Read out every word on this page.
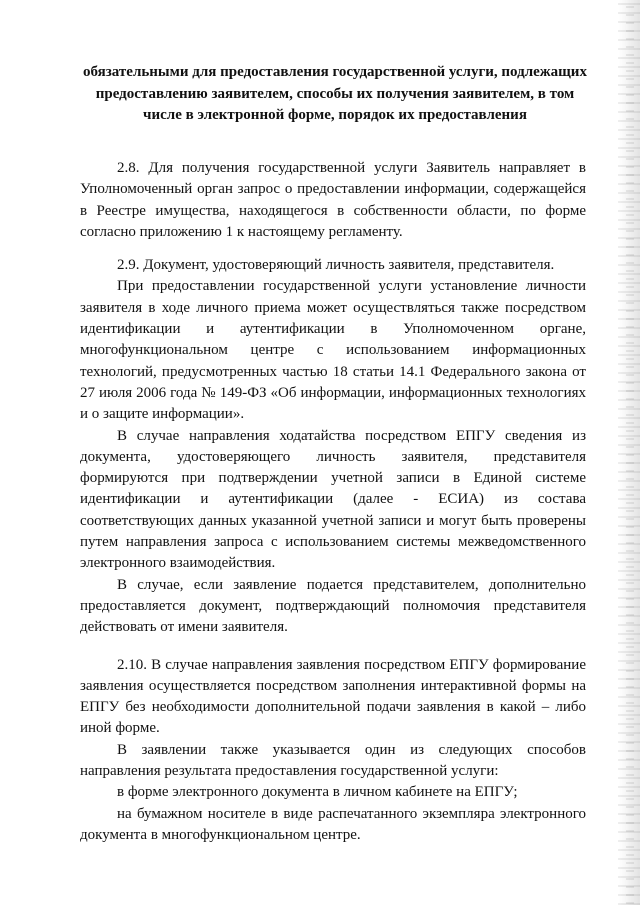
обязательными для предоставления государственной услуги, подлежащих предоставлению заявителем, способы их получения заявителем, в том числе в электронной форме, порядок их предоставления

2.8. Для получения государственной услуги Заявитель направляет в Уполномоченный орган запрос о предоставлении информации, содержащейся в Реестре имущества, находящегося в собственности области, по форме согласно приложению 1 к настоящему регламенту.

2.9. Документ, удостоверяющий личность заявителя, представителя.

При предоставлении государственной услуги установление личности заявителя в ходе личного приема может осуществляться также посредством идентификации и аутентификации в Уполномоченном органе, многофункциональном центре с использованием информационных технологий, предусмотренных частью 18 статьи 14.1 Федерального закона от 27 июля 2006 года № 149-ФЗ «Об информации, информационных технологиях и о защите информации».

В случае направления ходатайства посредством ЕПГУ сведения из документа, удостоверяющего личность заявителя, представителя формируются при подтверждении учетной записи в Единой системе идентификации и аутентификации (далее - ЕСИА) из состава соответствующих данных указанной учетной записи и могут быть проверены путем направления запроса с использованием системы межведомственного электронного взаимодействия.

В случае, если заявление подается представителем, дополнительно предоставляется документ, подтверждающий полномочия представителя действовать от имени заявителя.

2.10. В случае направления заявления посредством ЕПГУ формирование заявления осуществляется посредством заполнения интерактивной формы на ЕПГУ без необходимости дополнительной подачи заявления в какой – либо иной форме.

В заявлении также указывается один из следующих способов направления результата предоставления государственной услуги:

в форме электронного документа в личном кабинете на ЕПГУ;

на бумажном носителе в виде распечатанного экземпляра электронного документа в многофункциональном центре.
